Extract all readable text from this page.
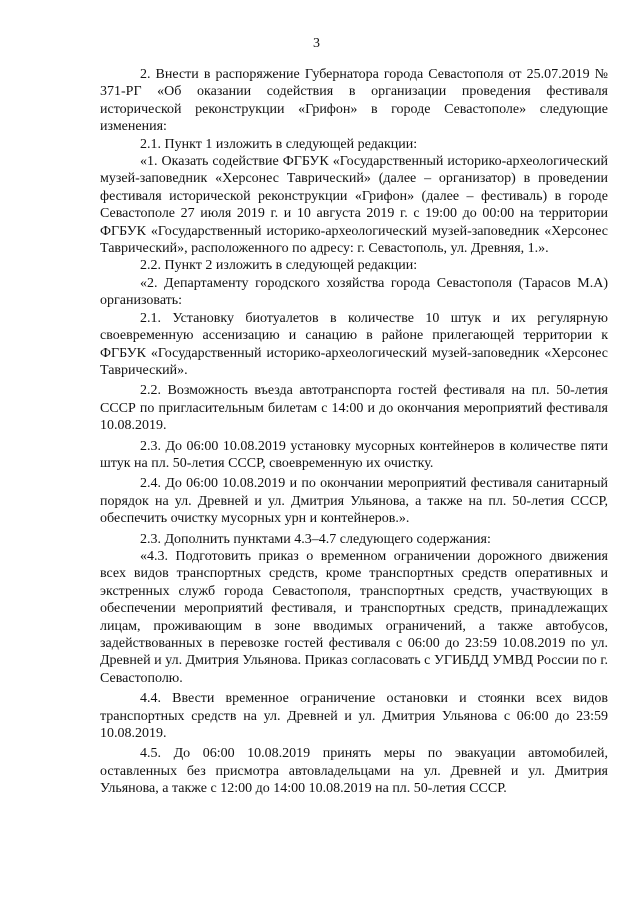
3

2. Внести в распоряжение Губернатора города Севастополя от 25.07.2019 № 371-РГ «Об оказании содействия в организации проведения фестиваля исторической реконструкции «Грифон» в городе Севастополе» следующие изменения:

2.1. Пункт 1 изложить в следующей редакции:

«1. Оказать содействие ФГБУК «Государственный историко-археологический музей-заповедник «Херсонес Таврический» (далее – организатор) в проведении фестиваля исторической реконструкции «Грифон» (далее – фестиваль) в городе Севастополе 27 июля 2019 г. и 10 августа 2019 г. с 19:00 до 00:00 на территории ФГБУК «Государственный историко-археологический музей-заповедник «Херсонес Таврический», расположенного по адресу: г. Севастополь, ул. Древняя, 1.».

2.2. Пункт 2 изложить в следующей редакции:

«2. Департаменту городского хозяйства города Севастополя (Тарасов М.А) организовать:

2.1. Установку биотуалетов в количестве 10 штук и их регулярную своевременную ассенизацию и санацию в районе прилегающей территории к ФГБУК «Государственный историко-археологический музей-заповедник «Херсонес Таврический».

2.2. Возможность въезда автотранспорта гостей фестиваля на пл. 50-летия СССР по пригласительным билетам с 14:00 и до окончания мероприятий фестиваля 10.08.2019.

2.3. До 06:00 10.08.2019 установку мусорных контейнеров в количестве пяти штук на пл. 50-летия СССР, своевременную их очистку.

2.4. До 06:00 10.08.2019 и по окончании мероприятий фестиваля санитарный порядок на ул. Древней и ул. Дмитрия Ульянова, а также на пл. 50-летия СССР, обеспечить очистку мусорных урн и контейнеров.».

2.3. Дополнить пунктами 4.3–4.7 следующего содержания:

«4.3. Подготовить приказ о временном ограничении дорожного движения всех видов транспортных средств, кроме транспортных средств оперативных и экстренных служб города Севастополя, транспортных средств, участвующих в обеспечении мероприятий фестиваля, и транспортных средств, принадлежащих лицам, проживающим в зоне вводимых ограничений, а также автобусов, задействованных в перевозке гостей фестиваля с 06:00 до 23:59 10.08.2019 по ул. Древней и ул. Дмитрия Ульянова. Приказ согласовать с УГИБДД УМВД России по г. Севастополю.

4.4. Ввести временное ограничение остановки и стоянки всех видов транспортных средств на ул. Древней и ул. Дмитрия Ульянова с 06:00 до 23:59 10.08.2019.

4.5. До 06:00 10.08.2019 принять меры по эвакуации автомобилей, оставленных без присмотра автовладельцами на ул. Древней и ул. Дмитрия Ульянова, а также с 12:00 до 14:00 10.08.2019 на пл. 50-летия СССР.
